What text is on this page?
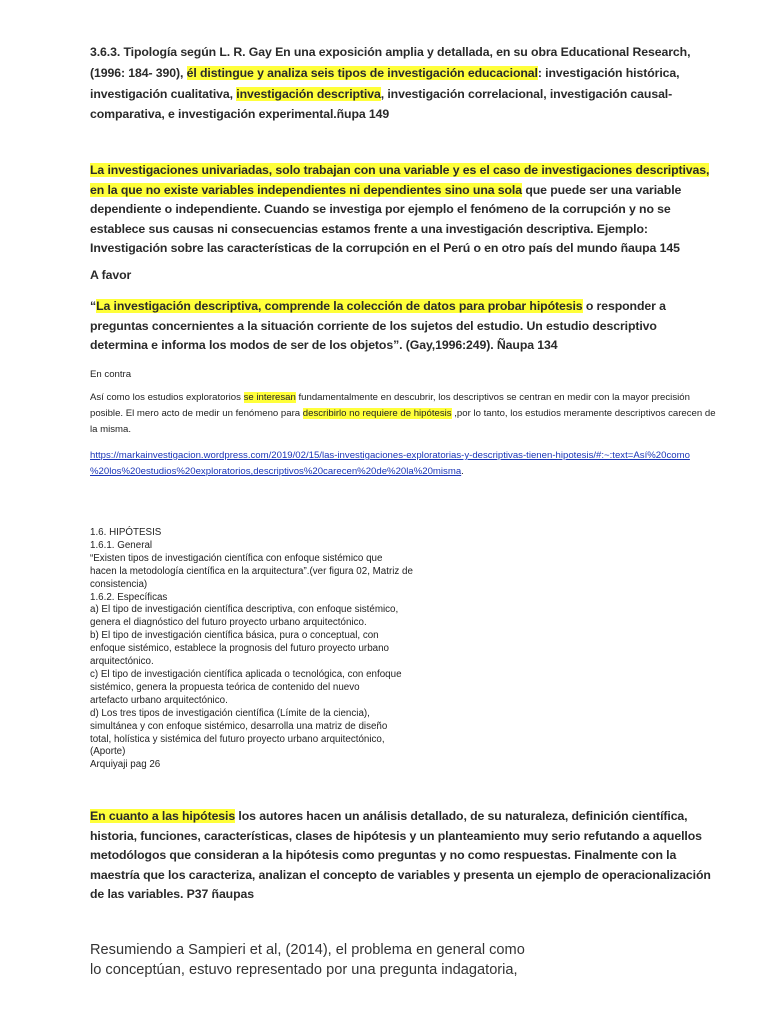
3.6.3. Tipología según L. R. Gay En una exposición amplia y detallada, en su obra Educational Research,
(1996: 184- 390), él distingue y analiza seis tipos de investigación educacional: investigación histórica,
investigación cualitativa, investigación descriptiva, investigación correlacional, investigación causal-
comparativa, e investigación experimental.ñupa 149
La investigaciones univariadas, solo trabajan con una variable y es el caso de investigaciones descriptivas,
en la que no existe variables independientes ni dependientes sino una sola que puede ser una variable
dependiente o independiente. Cuando se investiga por ejemplo el fenómeno de la corrupción y no se
establece sus causas ni consecuencias estamos frente a una investigación descriptiva. Ejemplo:
Investigación sobre las características de la corrupción en el Perú o en otro país del mundo ñaupa 145
A favor
“La investigación descriptiva, comprende la colección de datos para probar hipótesis o responder a
preguntas concernientes a la situación corriente de los sujetos del estudio. Un estudio descriptivo
determina e informa los modos de ser de los objetos”. (Gay,1996:249). Ñaupa 134
En contra
Así como los estudios exploratorios se interesan fundamentalmente en descubrir, los descriptivos se centran en medir con la mayor precisión
posible. El mero acto de medir un fenómeno para describirlo no requiere de hipótesis ,por lo tanto, los estudios meramente descriptivos carecen de
la misma.
https://markainvestigacion.wordpress.com/2019/02/15/las-investigaciones-exploratorias-y-descriptivas-tienen-hipotesis/#:~:text=Así%20como
%20los%20estudios%20exploratorios,descriptivos%20carecen%20de%20la%20misma.
1.6. HIPÓTESIS
1.6.1. General
“Existen tipos de investigación científica con enfoque sistémico que
hacen la metodología científica en la arquitectura”.(ver figura 02, Matriz de
consistencia)
1.6.2. Específicas
a) El tipo de investigación científica descriptiva, con enfoque sistémico,
genera el diagnóstico del futuro proyecto urbano arquitectónico.
b) El tipo de investigación científica básica, pura o conceptual, con
enfoque sistémico, establece la prognosis del futuro proyecto urbano
arquitectónico.
c) El tipo de investigación científica aplicada o tecnológica, con enfoque
sistémico, genera la propuesta teórica de contenido del nuevo
artefacto urbano arquitectónico.
d) Los tres tipos de investigación científica (Límite de la ciencia),
simultánea y con enfoque sistémico, desarrolla una matriz de diseño
total, holística y sistémica del futuro proyecto urbano arquitectónico,
(Aporte)
Arquiyaji pag 26
En cuanto a las hipótesis los autores hacen un análisis detallado, de su naturaleza, definición científica,
historia, funciones, características, clases de hipótesis y un planteamiento muy serio refutando a aquellos
metodólogos que consideran a la hipótesis como preguntas y no como respuestas. Finalmente con la
maestría que los caracteriza, analizan el concepto de variables y presenta un ejemplo de operacionalización
de las variables. P37 ñaupas
Resumiendo a Sampieri et al, (2014), el problema en general como
lo conceptúan, estuvo representado por una pregunta indagatoria,
